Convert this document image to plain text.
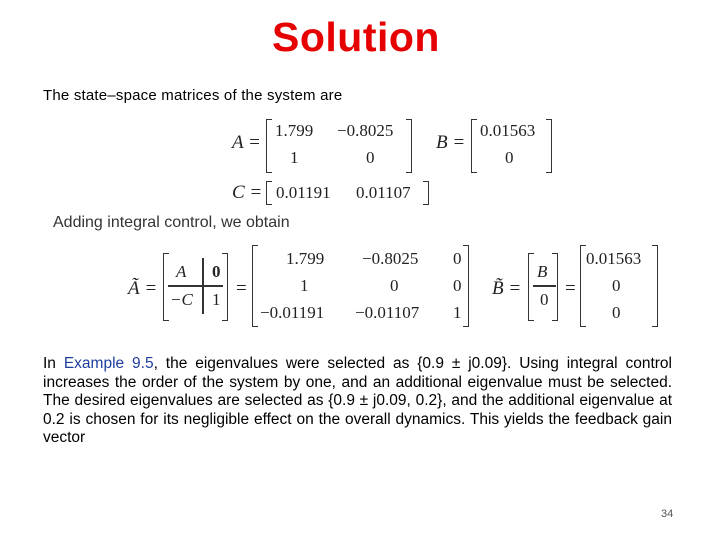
Solution
The state–space matrices of the system are
A =
1.799 −0.8025
1	0
B =
0.01563
0
C = 0.01191 0.01107
Adding integral control, we obtain
Ã =
A 0
−C 1
=
1.799 −0.8025 0
1	0	0
−0.01191 −0.01107 1
B̃ =
B
0
=
0.01563
0
0
In Example 9.5, the eigenvalues were selected as {0.9 ± j0.09}. Using integral control increases the order of the system by one, and an additional eigenvalue must be selected. The desired eigenvalues are selected as {0.9 ± j0.09, 0.2}, and the additional eigenvalue at 0.2 is chosen for its negligible effect on the overall dynamics. This yields the feedback gain vector
34
